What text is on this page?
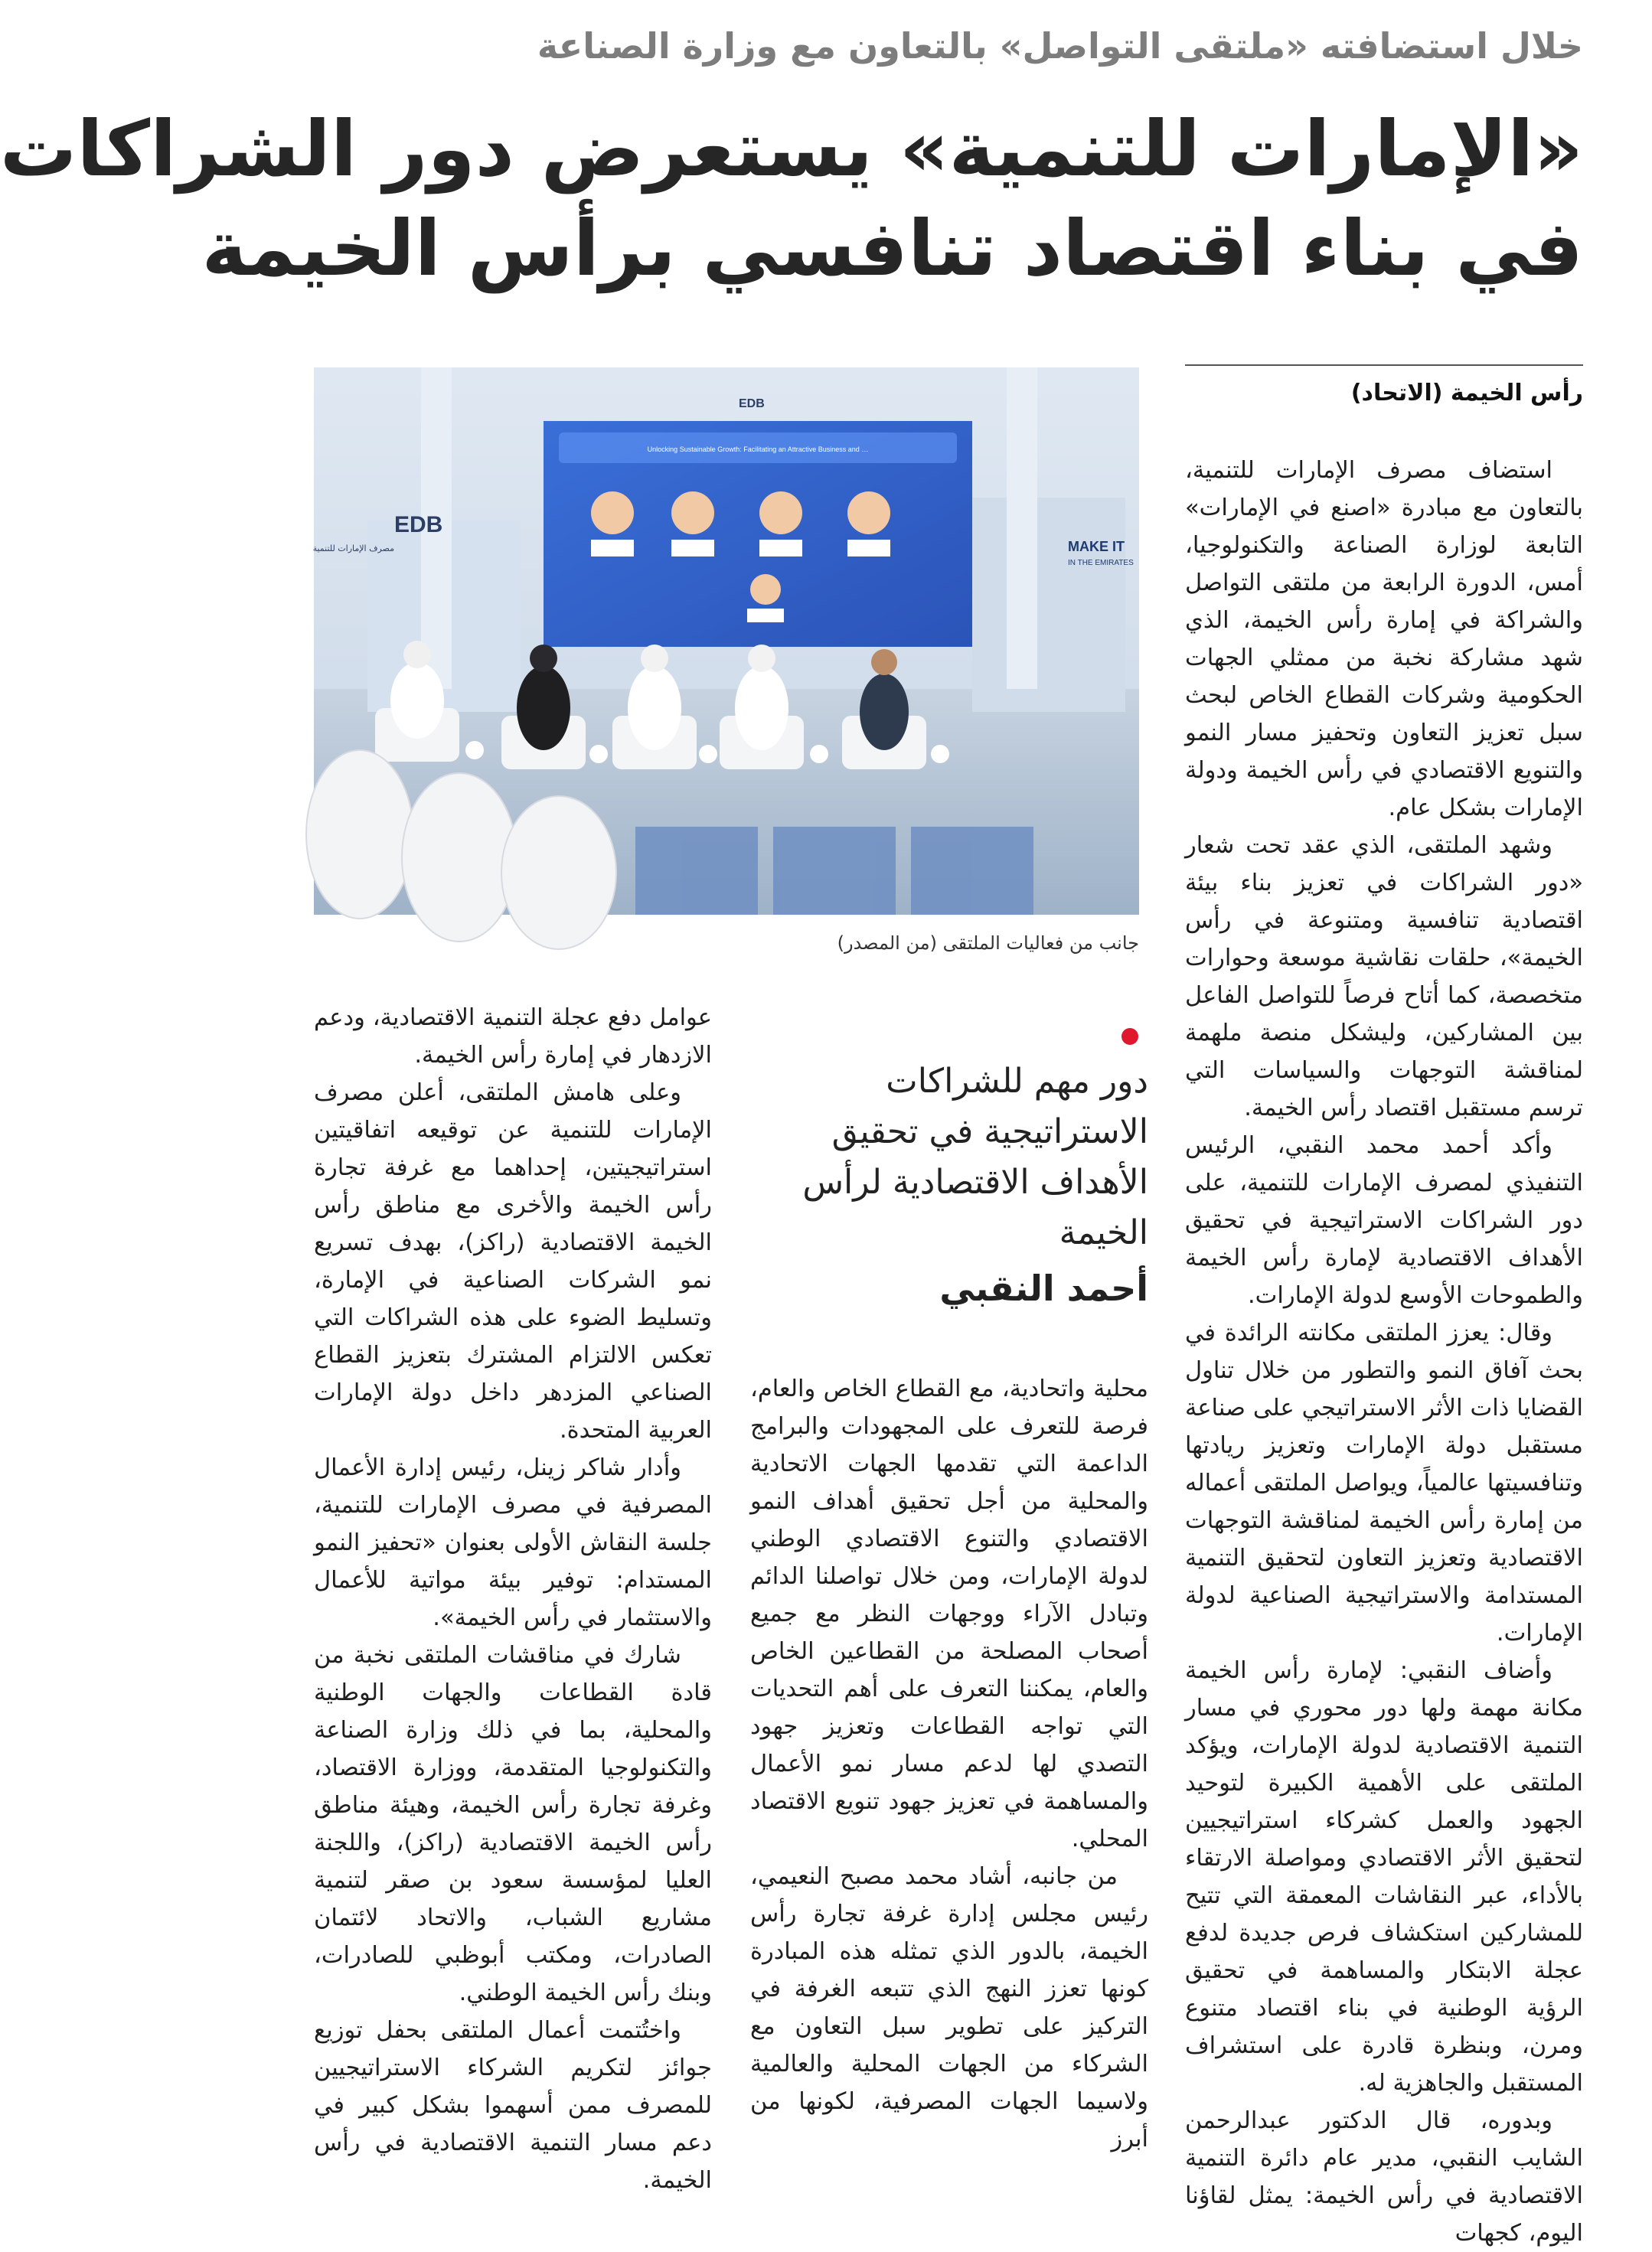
خلال استضافته «ملتقى التواصل» بالتعاون مع وزارة الصناعة
«الإمارات للتنمية» يستعرض دور الشراكات
في بناء اقتصاد تنافسي برأس الخيمة
رأس الخيمة (الاتحاد)
Unlocking Sustainable Growth: Facilitating an Attractive Business and …
EDB
مصرف الإمارات للتنمية
EDB
MAKE IT
IN THE EMIRATES
جانب من فعاليات الملتقى (من المصدر)

استضاف مصرف الإمارات للتنمية، بالتعاون مع مبادرة «اصنع في الإمارات» التابعة لوزارة الصناعة والتكنولوجيا، أمس، الدورة الرابعة من ملتقى التواصل والشراكة في إمارة رأس الخيمة، الذي شهد مشاركة نخبة من ممثلي الجهات الحكومية وشركات القطاع الخاص لبحث سبل تعزيز التعاون وتحفيز مسار النمو والتنويع الاقتصادي في رأس الخيمة ودولة الإمارات بشكل عام.

وشهد الملتقى، الذي عقد تحت شعار «دور الشراكات في تعزيز بناء بيئة اقتصادية تنافسية ومتنوعة في رأس الخيمة»، حلقات نقاشية موسعة وحوارات متخصصة، كما أتاح فرصاً للتواصل الفاعل بين المشاركين، وليشكل منصة ملهمة لمناقشة التوجهات والسياسات التي ترسم مستقبل اقتصاد رأس الخيمة.

وأكد أحمد محمد النقبي، الرئيس التنفيذي لمصرف الإمارات للتنمية، على دور الشراكات الاستراتيجية في تحقيق الأهداف الاقتصادية لإمارة رأس الخيمة والطموحات الأوسع لدولة الإمارات.

وقال: يعزز الملتقى مكانته الرائدة في بحث آفاق النمو والتطور من خلال تناول القضايا ذات الأثر الاستراتيجي على صناعة مستقبل دولة الإمارات وتعزيز ريادتها وتنافسيتها عالمياً، ويواصل الملتقى أعماله من إمارة رأس الخيمة لمناقشة التوجهات الاقتصادية وتعزيز التعاون لتحقيق التنمية المستدامة والاستراتيجية الصناعية لدولة الإمارات.

وأضاف النقبي: لإمارة رأس الخيمة مكانة مهمة ولها دور محوري في مسار التنمية الاقتصادية لدولة الإمارات، ويؤكد الملتقى على الأهمية الكبيرة لتوحيد الجهود والعمل كشركاء استراتيجيين لتحقيق الأثر الاقتصادي ومواصلة الارتقاء بالأداء، عبر النقاشات المعمقة التي تتيح للمشاركين استكشاف فرص جديدة لدفع عجلة الابتكار والمساهمة في تحقيق الرؤية الوطنية في بناء اقتصاد متنوع ومرن، وبنظرة قادرة على استشراف المستقبل والجاهزية له.

وبدوره، قال الدكتور عبدالرحمن الشايب النقبي، مدير عام دائرة التنمية الاقتصادية في رأس الخيمة: يمثل لقاؤنا اليوم، كجهات

دور مهم للشراكات الاستراتيجية في تحقيق الأهداف الاقتصادية لرأس الخيمة
أحمد النقبي

محلية واتحادية، مع القطاع الخاص والعام، فرصة للتعرف على المجهودات والبرامج الداعمة التي تقدمها الجهات الاتحادية والمحلية من أجل تحقيق أهداف النمو الاقتصادي والتنوع الاقتصادي الوطني لدولة الإمارات، ومن خلال تواصلنا الدائم وتبادل الآراء ووجهات النظر مع جميع أصحاب المصلحة من القطاعين الخاص والعام، يمكننا التعرف على أهم التحديات التي تواجه القطاعات وتعزيز جهود التصدي لها لدعم مسار نمو الأعمال والمساهمة في تعزيز جهود تنويع الاقتصاد المحلي.

من جانبه، أشاد محمد مصبح النعيمي، رئيس مجلس إدارة غرفة تجارة رأس الخيمة، بالدور الذي تمثله هذه المبادرة كونها تعزز النهج الذي تتبعه الغرفة في التركيز على تطوير سبل التعاون مع الشركاء من الجهات المحلية والعالمية ولاسيما الجهات المصرفية، لكونها من أبرز

عوامل دفع عجلة التنمية الاقتصادية، ودعم الازدهار في إمارة رأس الخيمة.

وعلى هامش الملتقى، أعلن مصرف الإمارات للتنمية عن توقيعه اتفاقيتين استراتيجيتين، إحداهما مع غرفة تجارة رأس الخيمة والأخرى مع مناطق رأس الخيمة الاقتصادية (راكز)، بهدف تسريع نمو الشركات الصناعية في الإمارة، وتسليط الضوء على هذه الشراكات التي تعكس الالتزام المشترك بتعزيز القطاع الصناعي المزدهر داخل دولة الإمارات العربية المتحدة.

وأدار شاكر زينل، رئيس إدارة الأعمال المصرفية في مصرف الإمارات للتنمية، جلسة النقاش الأولى بعنوان «تحفيز النمو المستدام: توفير بيئة مواتية للأعمال والاستثمار في رأس الخيمة».

شارك في مناقشات الملتقى نخبة من قادة القطاعات والجهات الوطنية والمحلية، بما في ذلك وزارة الصناعة والتكنولوجيا المتقدمة، ووزارة الاقتصاد، وغرفة تجارة رأس الخيمة، وهيئة مناطق رأس الخيمة الاقتصادية (راكز)، واللجنة العليا لمؤسسة سعود بن صقر لتنمية مشاريع الشباب، والاتحاد لائتمان الصادرات، ومكتب أبوظبي للصادرات، وبنك رأس الخيمة الوطني.

واختُتمت أعمال الملتقى بحفل توزيع جوائز لتكريم الشركاء الاستراتيجيين للمصرف ممن أسهموا بشكل كبير في دعم مسار التنمية الاقتصادية في رأس الخيمة.
